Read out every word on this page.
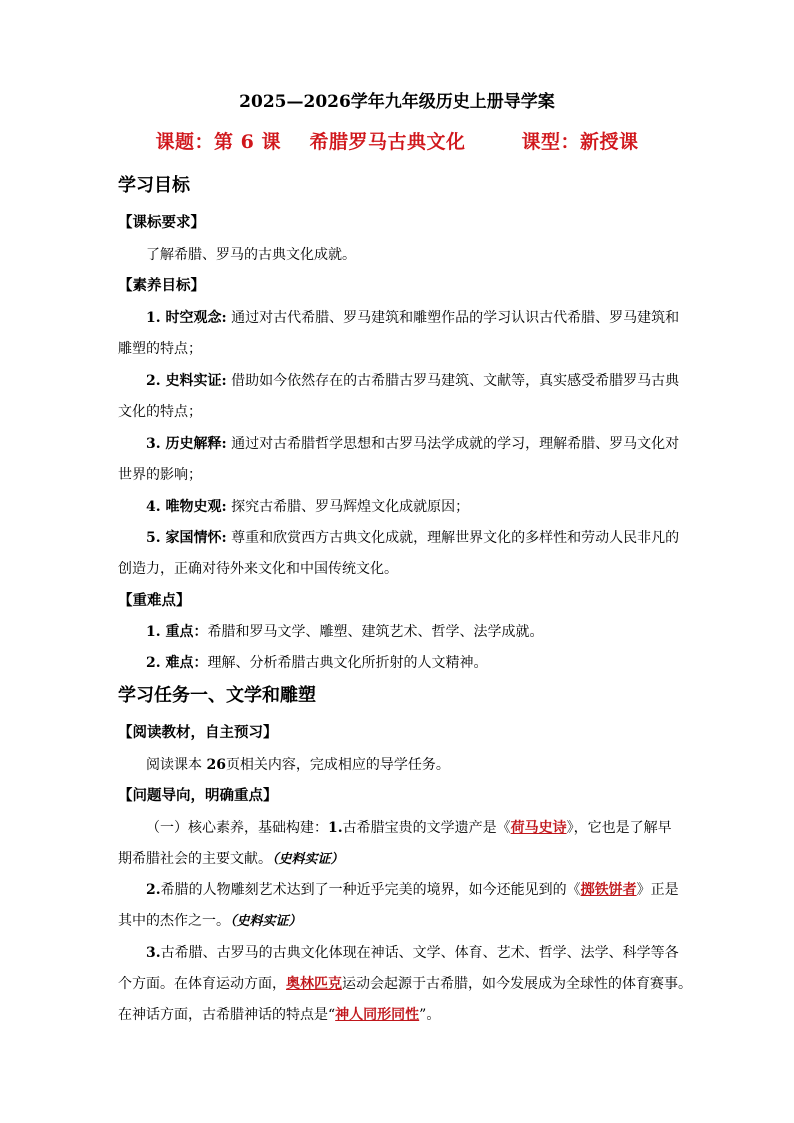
2025—2026学年九年级历史上册导学案
课题：第 6 课 希腊罗马古典文化	课型：新授课
学习目标
【课标要求】
了解希腊、罗马的古典文化成就。
【素养目标】
1. 时空观念: 通过对古代希腊、罗马建筑和雕塑作品的学习认识古代希腊、罗马建筑和
雕塑的特点；
2. 史料实证: 借助如今依然存在的古希腊古罗马建筑、文献等，真实感受希腊罗马古典
文化的特点；
3. 历史解释: 通过对古希腊哲学思想和古罗马法学成就的学习，理解希腊、罗马文化对
世界的影响；
4. 唯物史观: 探究古希腊、罗马辉煌文化成就原因；
5. 家国情怀: 尊重和欣赏西方古典文化成就，理解世界文化的多样性和劳动人民非凡的
创造力，正确对待外来文化和中国传统文化。
【重难点】
1. 重点：希腊和罗马文学、雕塑、建筑艺术、哲学、法学成就。
2. 难点：理解、分析希腊古典文化所折射的人文精神。
学习任务一、文学和雕塑
【阅读教材，自主预习】
阅读课本 26页相关内容，完成相应的导学任务。
【问题导向，明确重点】
（一）核心素养，基础构建：1.古希腊宝贵的文学遗产是《荷马史诗》，它也是了解早
期希腊社会的主要文献。（史料实证）
2.希腊的人物雕刻艺术达到了一种近乎完美的境界，如今还能见到的《掷铁饼者》正是
其中的杰作之一。（史料实证）
3.古希腊、古罗马的古典文化体现在神话、文学、体育、艺术、哲学、法学、科学等各
个方面。在体育运动方面，奥林匹克运动会起源于古希腊，如今发展成为全球性的体育赛事。
在神话方面，古希腊神话的特点是“神人同形同性”。
